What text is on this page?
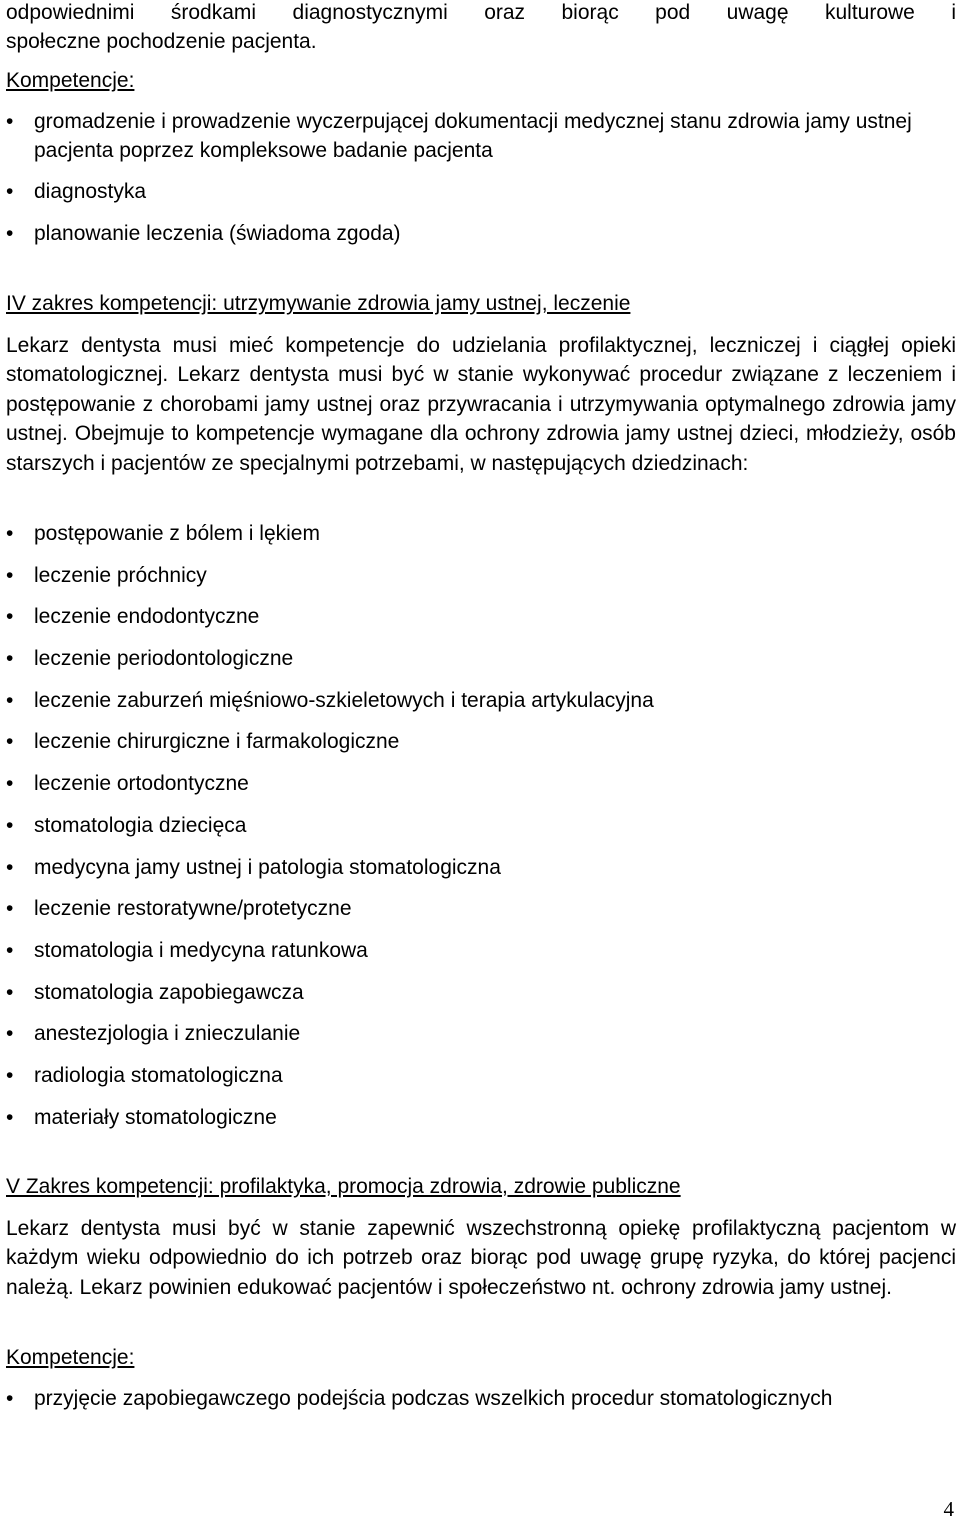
odpowiednimi środkami diagnostycznymi oraz biorąc pod uwagę kulturowe i

społeczne pochodzenie pacjenta.

Kompetencje:

• gromadzenie i prowadzenie wyczerpującej dokumentacji medycznej stanu zdrowia jamy ustnej pacjenta poprzez kompleksowe badanie pacjenta
• diagnostyka
• planowanie leczenia (świadoma zgoda)

IV zakres kompetencji: utrzymywanie zdrowia jamy ustnej, leczenie

Lekarz dentysta musi mieć kompetencje do udzielania profilaktycznej, leczniczej i ciągłej opieki stomatologicznej. Lekarz dentysta musi być w stanie wykonywać procedur związane z leczeniem i postępowanie z chorobami jamy ustnej oraz przywracania i utrzymywania optymalnego zdrowia jamy ustnej. Obejmuje to kompetencje wymagane dla ochrony zdrowia jamy ustnej dzieci, młodzieży, osób starszych i pacjentów ze specjalnymi potrzebami, w następujących dziedzinach:

• postępowanie z bólem i lękiem
• leczenie próchnicy
• leczenie endodontyczne
• leczenie periodontologiczne
• leczenie zaburzeń mięśniowo-szkieletowych i terapia artykulacyjna
• leczenie chirurgiczne i farmakologiczne
• leczenie ortodontyczne
• stomatologia dziecięca
• medycyna jamy ustnej i patologia stomatologiczna
• leczenie restoratywne/protetyczne
• stomatologia i medycyna ratunkowa
• stomatologia zapobiegawcza
• anestezjologia i znieczulanie
• radiologia stomatologiczna
• materiały stomatologiczne

V Zakres kompetencji: profilaktyka, promocja zdrowia, zdrowie publiczne

Lekarz dentysta musi być w stanie zapewnić wszechstronną opiekę profilaktyczną pacjentom w każdym wieku odpowiednio do ich potrzeb oraz biorąc pod uwagę grupę ryzyka, do której pacjenci należą. Lekarz powinien edukować pacjentów i społeczeństwo nt. ochrony zdrowia jamy ustnej.

Kompetencje:

• przyjęcie zapobiegawczego podejścia podczas wszelkich procedur stomatologicznych
4
